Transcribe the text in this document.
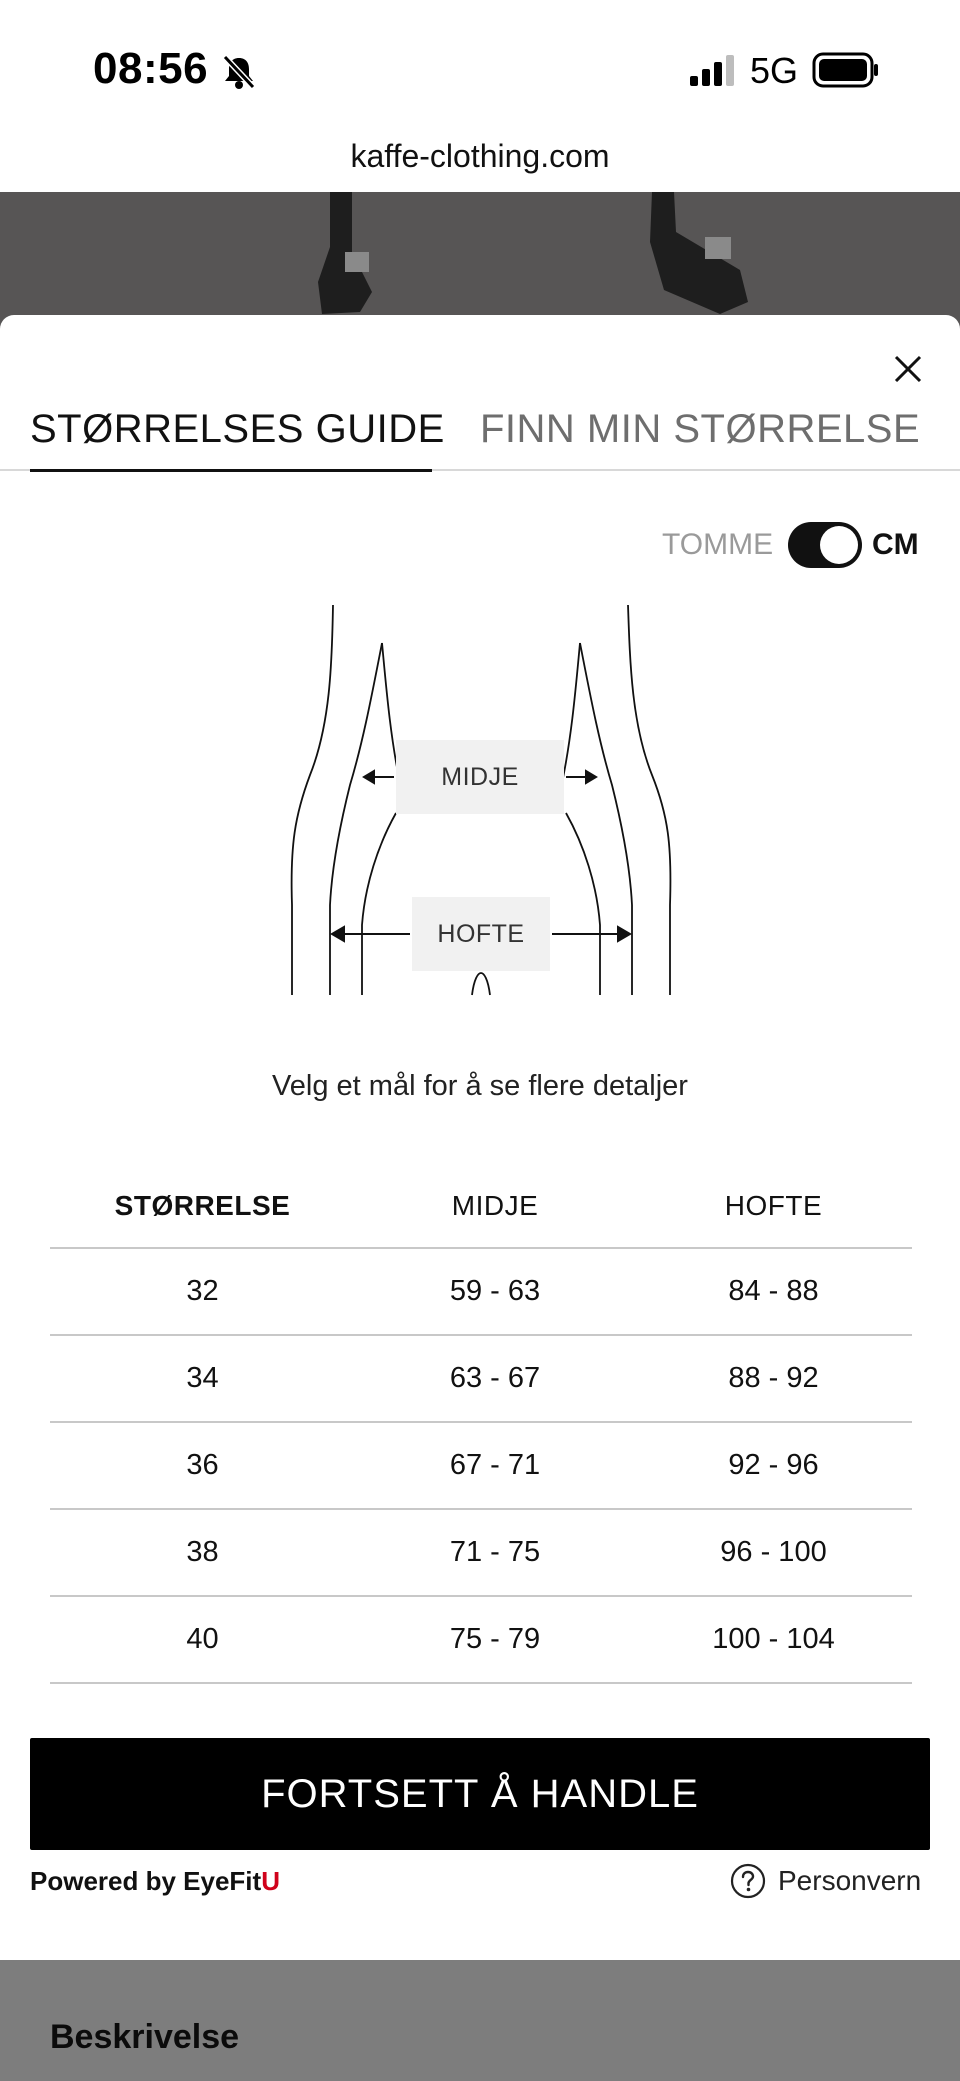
08:56	5G
kaffe-clothing.com
Beskrivelse
STØRRELSES GUIDE FINN MIN STØRRELSE
TOMME	CM
MIDJE
HOFTE
Velg et mål for å se flere detaljer
STØRRELSE	MIDJE	HOFTE
32	59 - 63	84 - 88
34	63 - 67	88 - 92
36	67 - 71	92 - 96
38	71 - 75	96 - 100
40	75 - 79	100 - 104
FORTSETT Å HANDLE
Powered by EyeFitU	Personvern
